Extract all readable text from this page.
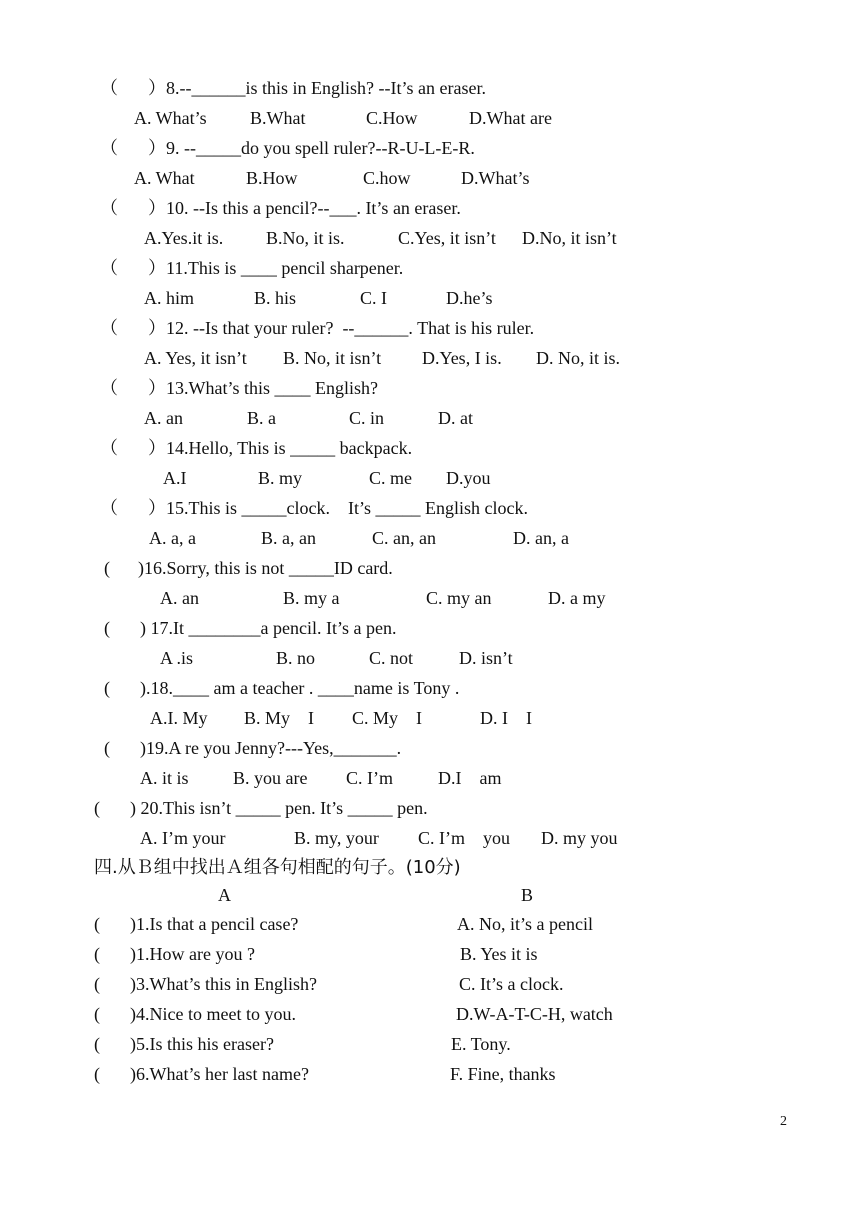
（

）8.--______is this in English? --It’s an eraser.

A. What’s

B.What

	C.How

	D.What are

（

）9. --_____do you spell ruler?--R-U-L-E-R.

A. What

	B.How

	C.how

	D.What’s

（

）10. --Is this a pencil?--___. It’s an eraser.

A.Yes.it is.

B.No, it is.

	C.Yes, it isn’t

D.No, it isn’t

（

）11.This is ____ pencil sharpener.

A. him

	B. his

	C. I

	D.he’s

（

）12. --Is that your ruler?  --______. That is his ruler.

A. Yes, it isn’t

B. No, it isn’t

D.Yes, I is.

D. No, it is.

（

）13.What’s this ____ English?

A. an

	B. a

	C. in

	D. at

（

）14.Hello, This is _____ backpack.

A.I

	B. my

	C. me

D.you

（

）15.This is _____clock.    It’s _____ English clock.

A. a, a

	B. a, an

	C. an, an

	D. an, a

(

)16.Sorry, this is not _____ID card.

A. an

	B. my a

	C. my an

	D. a my

(

) 17.It ________a pencil. It’s a pen.

A .is

	B. no

	C. not

	D. isn’t

(

).18.____ am a teacher . ____name is Tony .

A.I. My

B. My    I

C. My    I

	D. I    I

(

)19.A re you Jenny?---Yes,_______.

A. it is

B. you are

C. I’m

	D.I    am

(

) 20.This isn’t _____ pen. It’s _____ pen.

A. I’m your

	B. my, your

C. I’m    you

D. my you

四.从Ｂ组中找出Ａ组各句相配的句子。(10分)
A	B

(

)1.Is that a pencil case?

	A. No, it’s a pencil

(

)1.How are you ?

	B. Yes it is

(

)3.What’s this in English?

	C. It’s a clock.

(

)4.Nice to meet to you.

	D.W-A-T-C-H, watch

(

)5.Is this his eraser?

	E. Tony.

(

)6.What’s her last name?

	F. Fine, thanks

2
